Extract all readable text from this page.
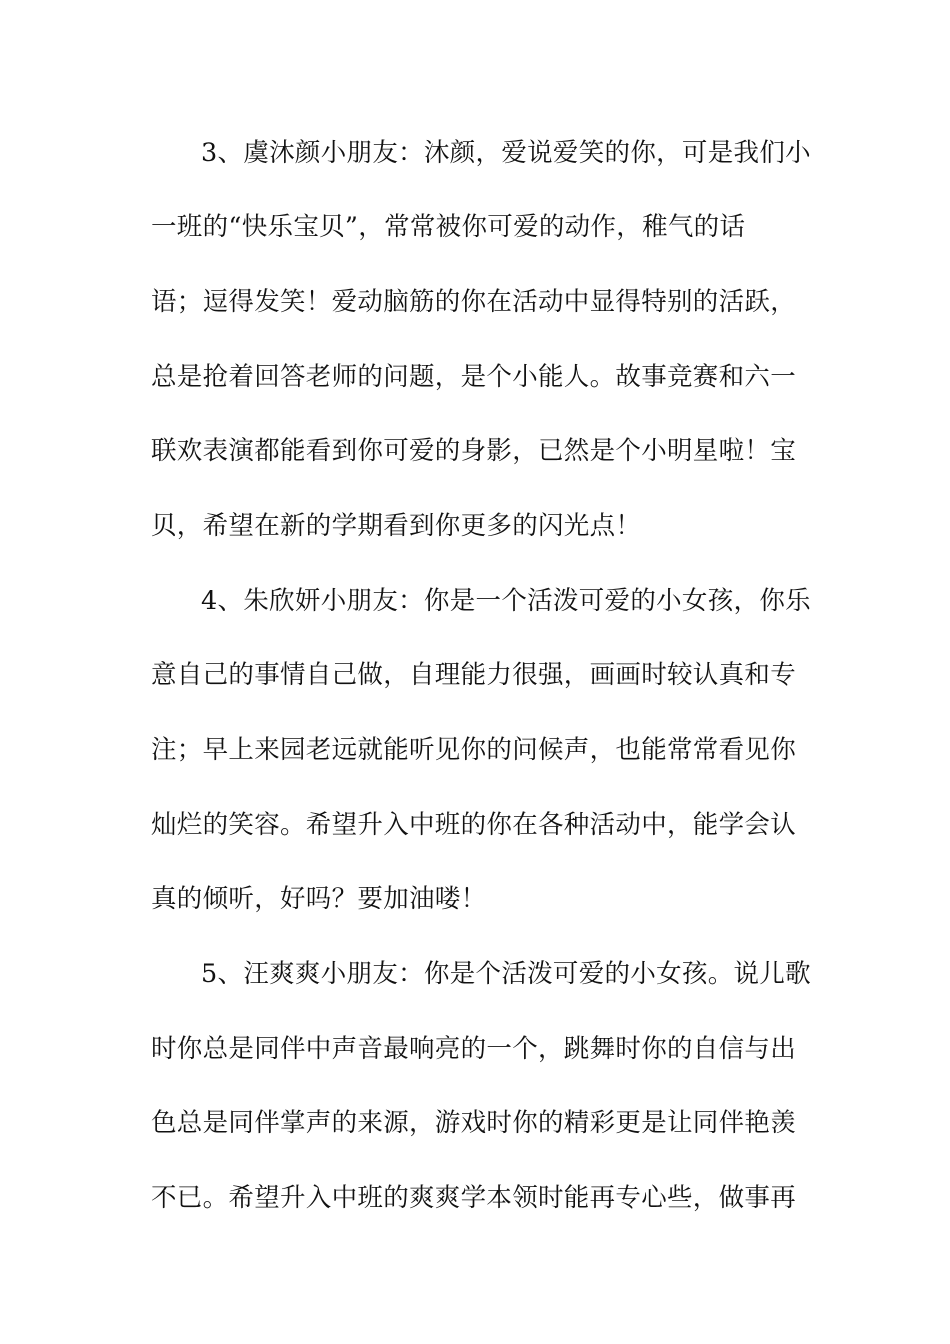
3、虞沐颜小朋友：沐颜，爱说爱笑的你，可是我们小
一班的“快乐宝贝”，常常被你可爱的动作，稚气的话
语；逗得发笑！爱动脑筋的你在活动中显得特别的活跃，
总是抢着回答老师的问题，是个小能人。故事竞赛和六一
联欢表演都能看到你可爱的身影，已然是个小明星啦！宝
贝，希望在新的学期看到你更多的闪光点！
4、朱欣妍小朋友：你是一个活泼可爱的小女孩，你乐
意自己的事情自己做，自理能力很强，画画时较认真和专
注；早上来园老远就能听见你的问候声，也能常常看见你
灿烂的笑容。希望升入中班的你在各种活动中，能学会认
真的倾听，好吗？要加油喽！
5、汪爽爽小朋友：你是个活泼可爱的小女孩。说儿歌
时你总是同伴中声音最响亮的一个，跳舞时你的自信与出
色总是同伴掌声的来源，游戏时你的精彩更是让同伴艳羡
不已。希望升入中班的爽爽学本领时能再专心些，做事再
